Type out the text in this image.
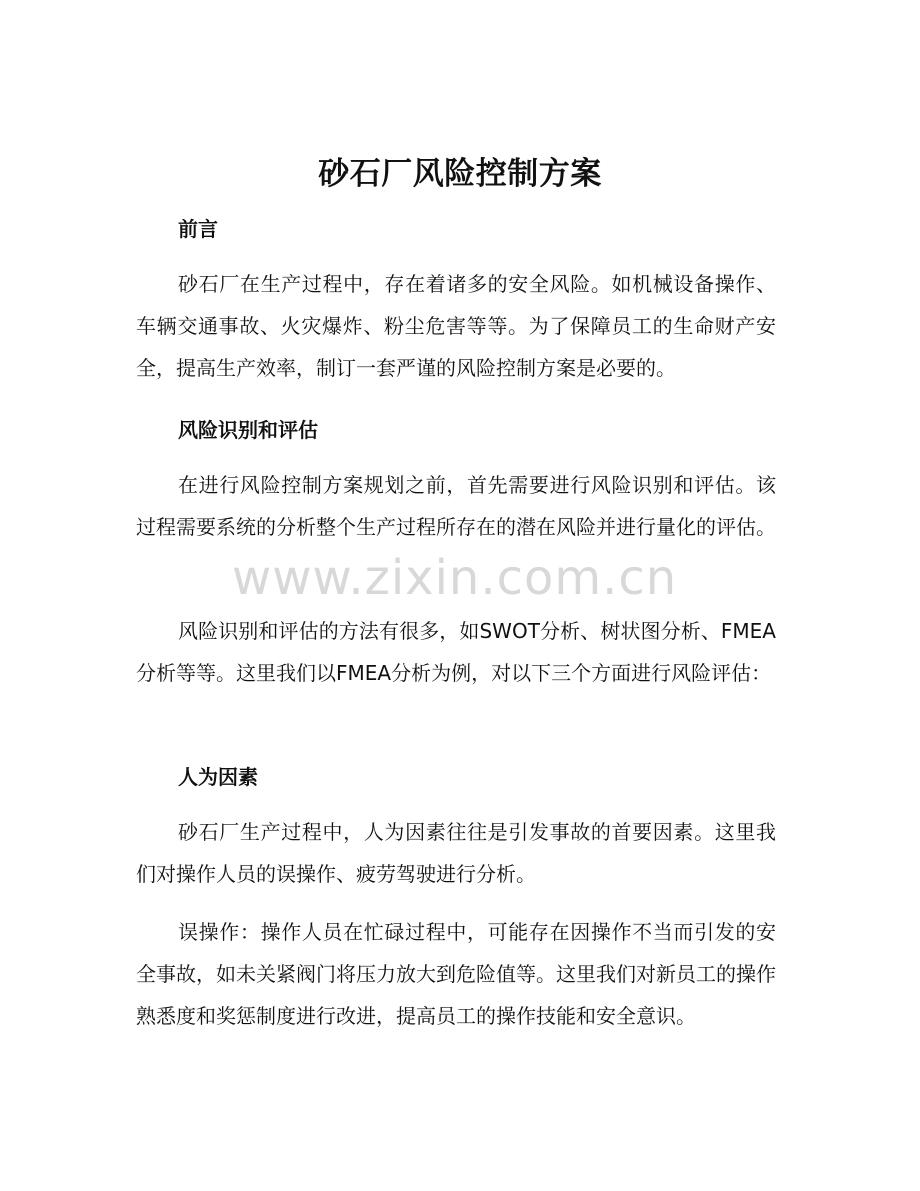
砂石厂风险控制方案
前言
砂石厂在生产过程中，存在着诸多的安全风险。如机械设备操作、车辆交通事故、火灾爆炸、粉尘危害等等。为了保障员工的生命财产安全，提高生产效率，制订一套严谨的风险控制方案是必要的。
风险识别和评估
在进行风险控制方案规划之前，首先需要进行风险识别和评估。该过程需要系统的分析整个生产过程所存在的潜在风险并进行量化的评估。
风险识别和评估的方法有很多，如SWOT分析、树状图分析、FMEA分析等等。这里我们以FMEA分析为例，对以下三个方面进行风险评估：
人为因素
砂石厂生产过程中，人为因素往往是引发事故的首要因素。这里我们对操作人员的误操作、疲劳驾驶进行分析。
误操作：操作人员在忙碌过程中，可能存在因操作不当而引发的安全事故，如未关紧阀门将压力放大到危险值等。这里我们对新员工的操作熟悉度和奖惩制度进行改进，提高员工的操作技能和安全意识。
www.zixin.com.cn
